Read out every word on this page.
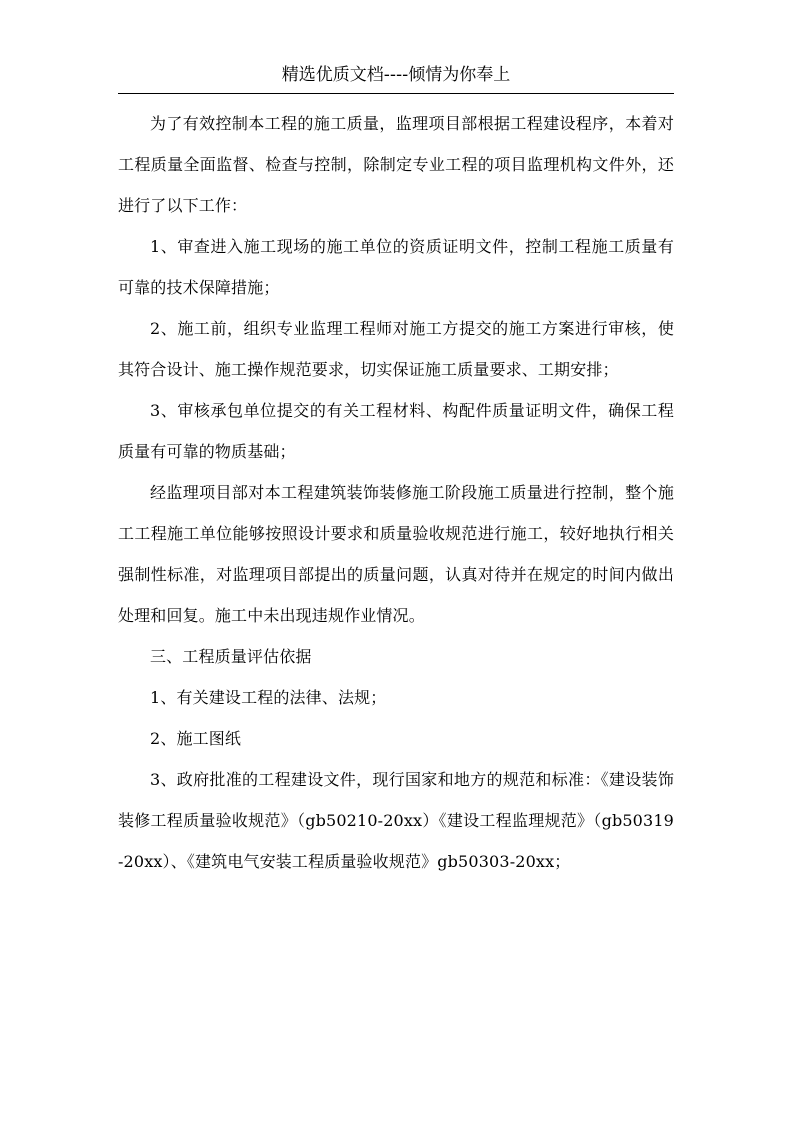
精选优质文档----倾情为你奉上

为了有效控制本工程的施工质量，监理项目部根据工程建设程序，本着对工程质量全面监督、检查与控制，除制定专业工程的项目监理机构文件外，还进行了以下工作：

1、审查进入施工现场的施工单位的资质证明文件，控制工程施工质量有可靠的技术保障措施；

2、施工前，组织专业监理工程师对施工方提交的施工方案进行审核，使其符合设计、施工操作规范要求，切实保证施工质量要求、工期安排；

3、审核承包单位提交的有关工程材料、构配件质量证明文件，确保工程质量有可靠的物质基础；

经监理项目部对本工程建筑装饰装修施工阶段施工质量进行控制，整个施工工程施工单位能够按照设计要求和质量验收规范进行施工，较好地执行相关强制性标准，对监理项目部提出的质量问题，认真对待并在规定的时间内做出处理和回复。施工中未出现违规作业情况。

三、工程质量评估依据

1、有关建设工程的法律、法规；

2、施工图纸

3、政府批准的工程建设文件，现行国家和地方的规范和标准：《建设装饰装修工程质量验收规范》（gb50210-20xx）《建设工程监理规范》（gb50319-20xx）、《建筑电气安装工程质量验收规范》gb50303-20xx；
